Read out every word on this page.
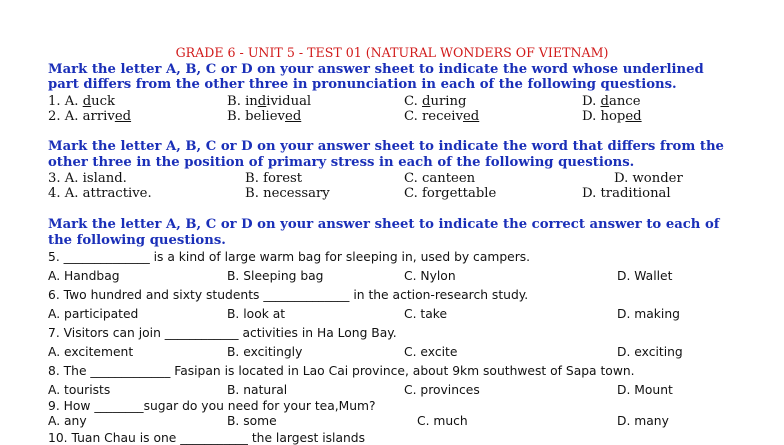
GRADE 6 - UNIT 5 - TEST 01 (NATURAL WONDERS OF VIETNAM)
Mark the letter A, B, C or D on your answer sheet to indicate the word whose underlined
part differs from the other three in pronunciation in each of the following questions.
1. A. duck	B. individual	C. during	D. dance
2. A. arrived	B. believed	C. received	D. hoped
Mark the letter A, B, C or D on your answer sheet to indicate the word that differs from the
other three in the position of primary stress in each of the following questions.
3. A. island.	B. forest	C. canteen	D. wonder
4. A. attractive.	B. necessary	C. forgettable	D. traditional
Mark the letter A, B, C or D on your answer sheet to indicate the correct answer to each of
the following questions.
5. ______________ is a kind of large warm bag for sleeping in, used by campers.
A. Handbag	B. Sleeping bag	C. Nylon	D. Wallet
6. Two hundred and sixty students ______________ in the action-research study.
A. participated	B. look at	C. take	D. making
7. Visitors can join ____________ activities in Ha Long Bay.
A. excitement	B. excitingly	C. excite	D. exciting
8. The _____________ Fasipan is located in Lao Cai province, about 9km southwest of Sapa town.
A. tourists	B. natural	C. provinces	D. Mount
9. How ________sugar do you need for your tea,Mum?
A. any	B. some	C. much	D. many
10. Tuan Chau is one ___________ the largest islands
